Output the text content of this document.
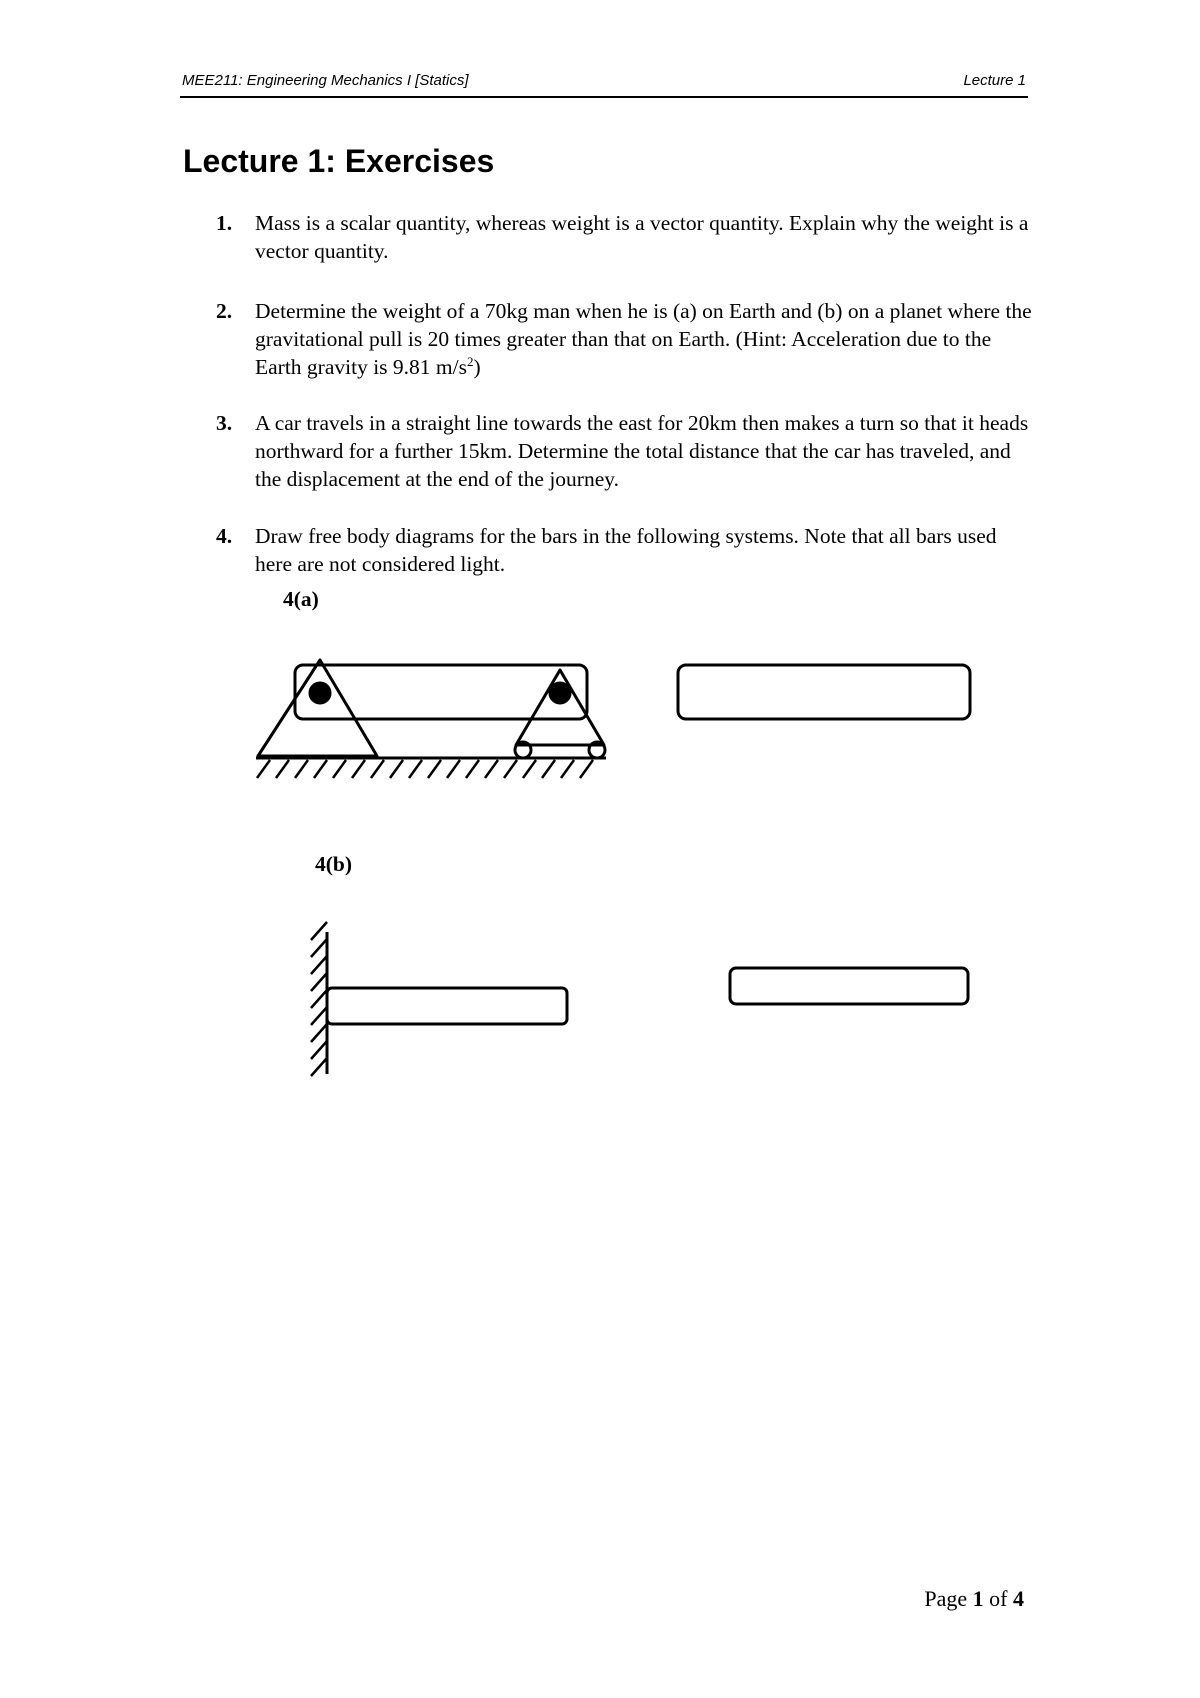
MEE211: Engineering Mechanics I [Statics]	Lecture 1
Lecture 1: Exercises
1. Mass is a scalar quantity, whereas weight is a vector quantity. Explain why the weight is a vector quantity.
2. Determine the weight of a 70kg man when he is (a) on Earth and (b) on a planet where the gravitational pull is 20 times greater than that on Earth. (Hint: Acceleration due to the Earth gravity is 9.81 $m/s^2$)
3. A car travels in a straight line towards the east for 20km then makes a turn so that it heads northward for a further 15km. Determine the total distance that the car has traveled, and the displacement at the end of the journey.
4. Draw free body diagrams for the bars in the following systems. Note that all bars used here are not considered light.
4(a)
4(b)
Page 1 of 4
